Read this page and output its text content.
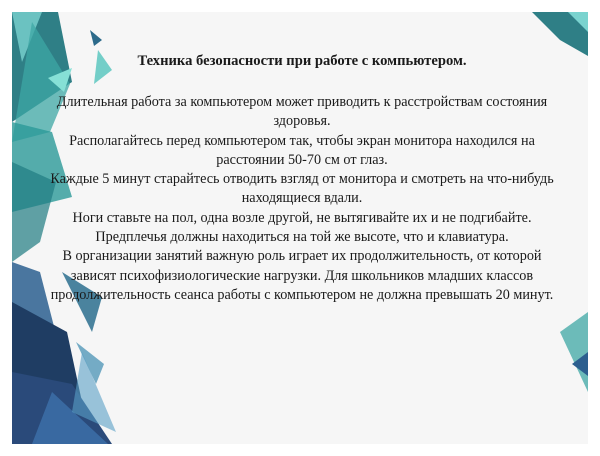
Техника безопасности при работе с компьютером.

Длительная работа за компьютером может приводить к расстройствам состояния здоровья.

Располагайтесь перед компьютером так, чтобы экран монитора находился на расстоянии 50-70 см от глаз.

Каждые 5 минут старайтесь отводить взгляд от монитора и смотреть на что-нибудь находящиеся вдали.

Ноги ставьте на пол, одна возле другой, не вытягивайте их и не подгибайте.

Предплечья должны находиться на той же высоте, что и клавиатура.

В организации занятий важную роль играет их продолжительность, от которой зависят психофизиологические нагрузки. Для школьников младших классов продолжительность сеанса работы с компьютером не должна превышать 20 минут.
